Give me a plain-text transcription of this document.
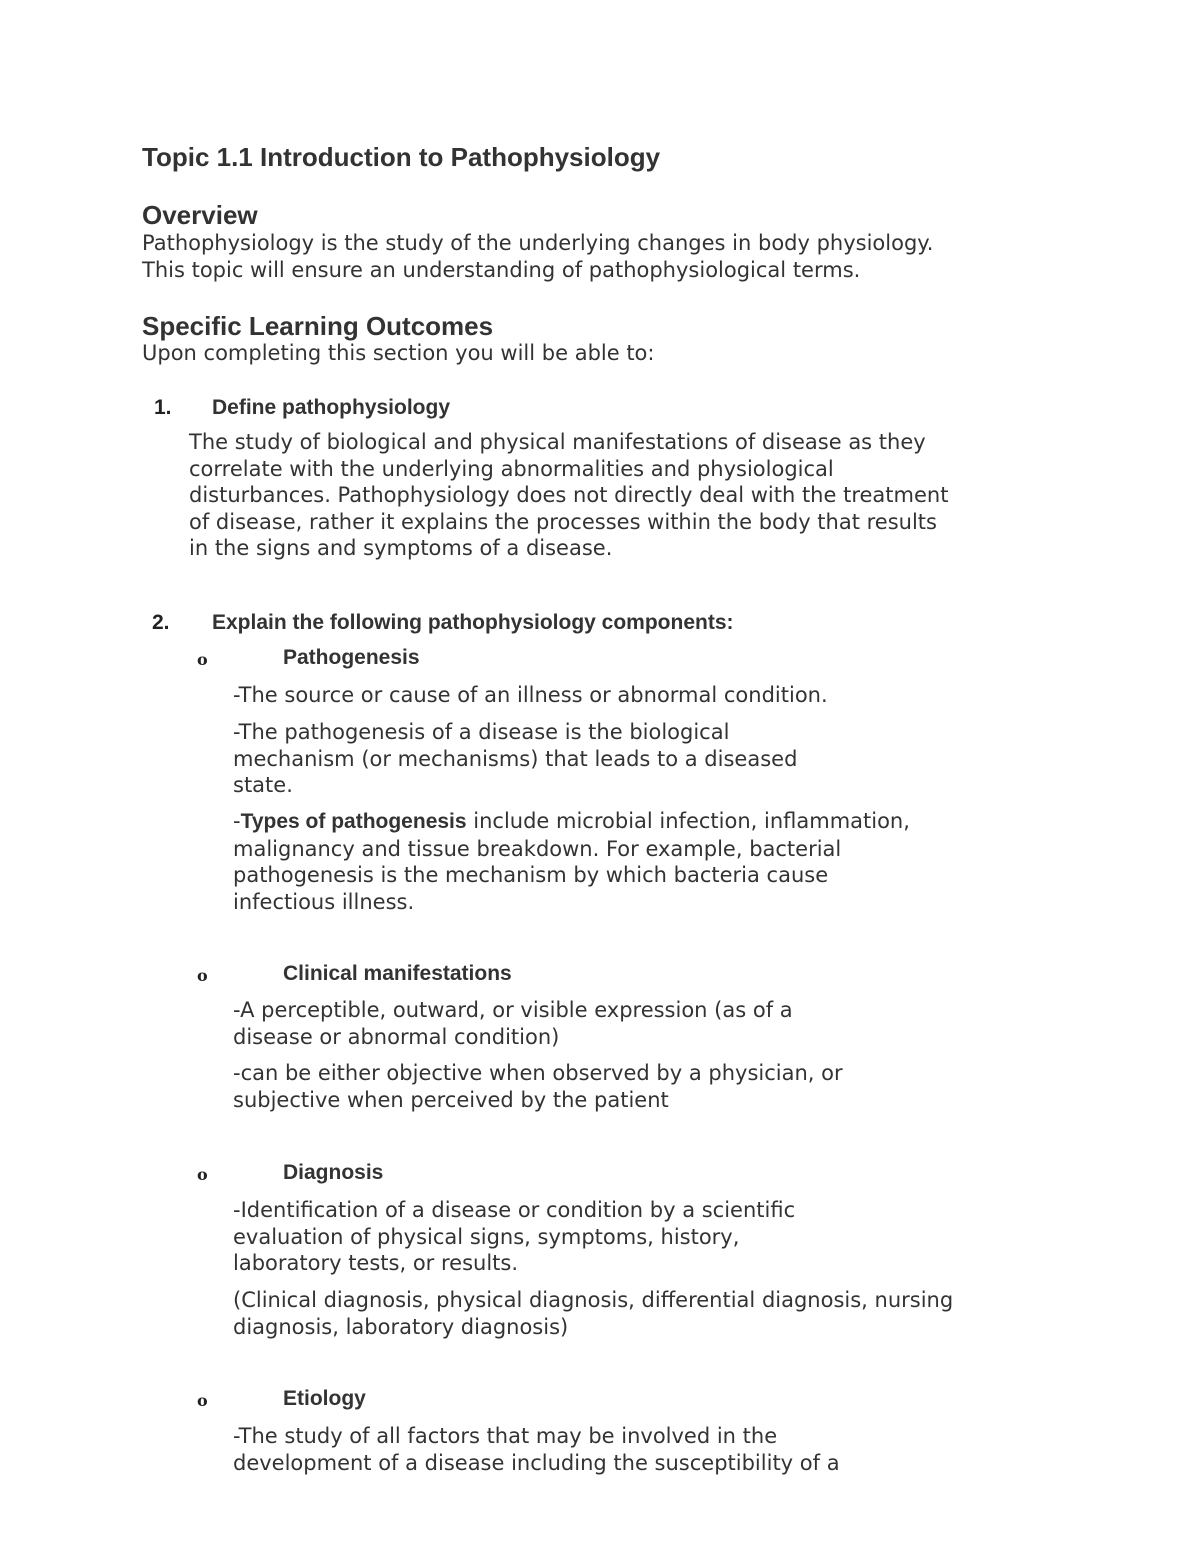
Topic 1.1 Introduction to Pathophysiology
Overview
Pathophysiology is the study of the underlying changes in body physiology.
This topic will ensure an understanding of pathophysiological terms.
Specific Learning Outcomes
Upon completing this section you will be able to:
1. Define pathophysiology
The study of biological and physical manifestations of disease as they
correlate with the underlying abnormalities and physiological
disturbances. Pathophysiology does not directly deal with the treatment
of disease, rather it explains the processes within the body that results
in the signs and symptoms of a disease.
2. Explain the following pathophysiology components:
o	Pathogenesis
-The source or cause of an illness or abnormal condition.
-The pathogenesis of a disease is the biological
mechanism (or mechanisms) that leads to a diseased
state.
-Types of pathogenesis include microbial infection, inflammation,
malignancy and tissue breakdown. For example, bacterial
pathogenesis is the mechanism by which bacteria cause
infectious illness.
o	Clinical manifestations
-A perceptible, outward, or visible expression (as of a
disease or abnormal condition)
-can be either objective when observed by a physician, or
subjective when perceived by the patient
o	Diagnosis
-Identification of a disease or condition by a scientific
evaluation of physical signs, symptoms, history,
laboratory tests, or results.
(Clinical diagnosis, physical diagnosis, differential diagnosis, nursing
diagnosis, laboratory diagnosis)
o	Etiology
-The study of all factors that may be involved in the
development of a disease including the susceptibility of a
